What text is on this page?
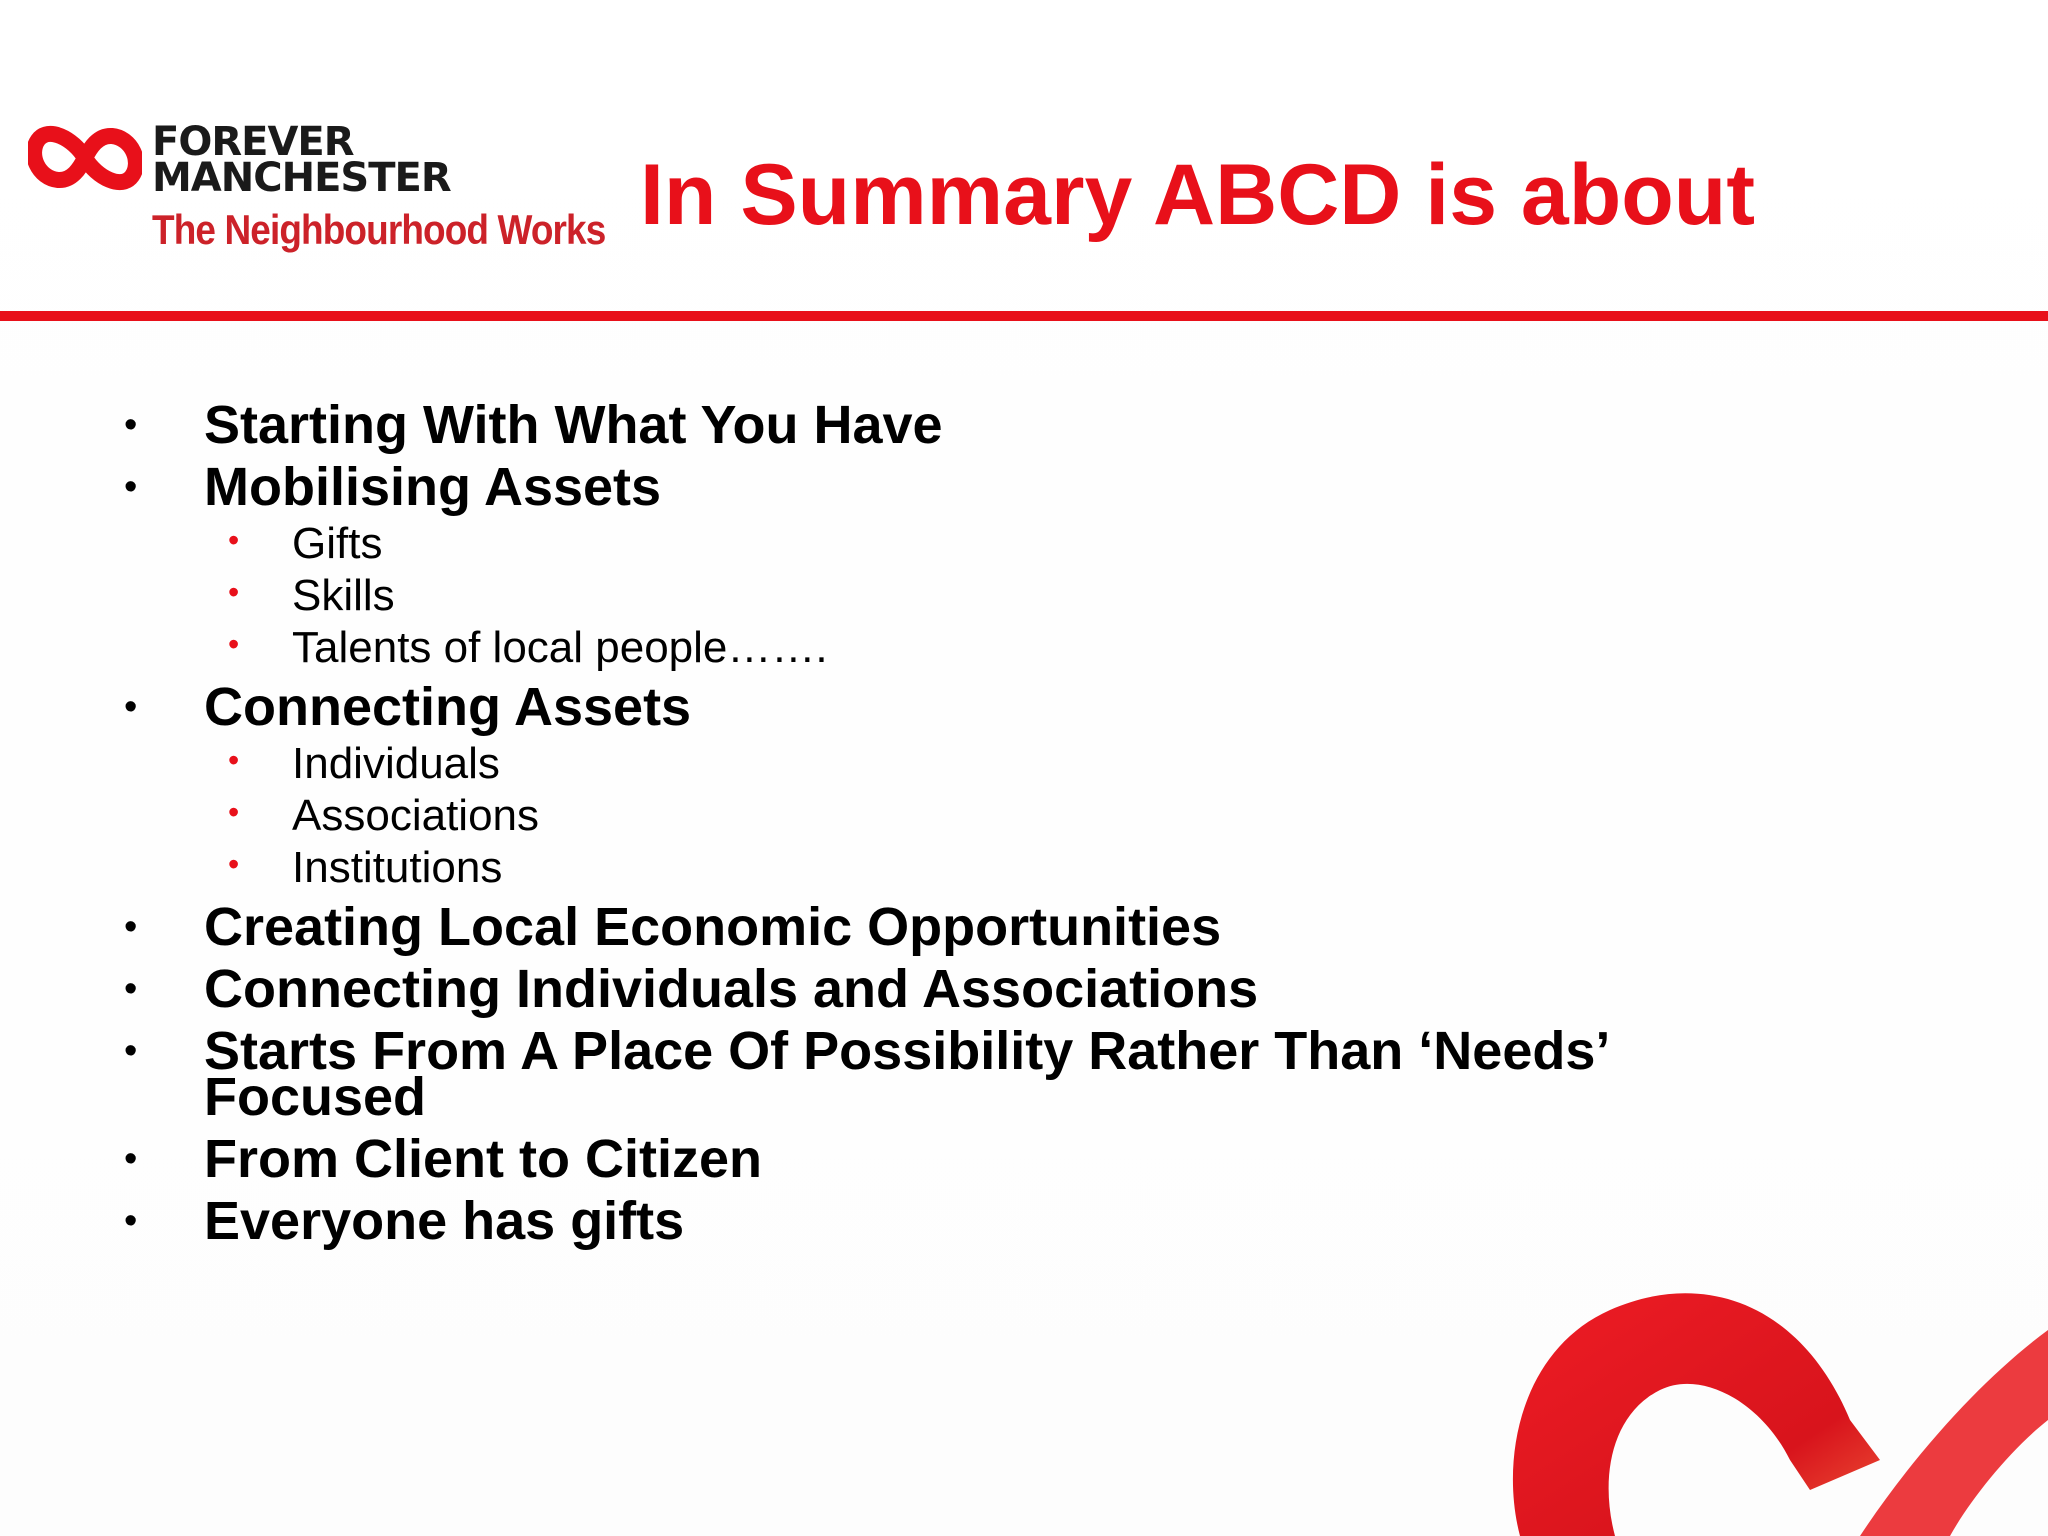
FOREVER
MANCHESTER
The Neighbourhood Works In Summary ABCD is about
• Starting With What You Have
• Mobilising Assets
• Gifts
• Skills
• Talents of local people…….
• Connecting Assets
• Individuals
• Associations
• Institutions
• Creating Local Economic Opportunities
• Connecting Individuals and Associations
• Starts From A Place Of Possibility Rather Than ‘Needs’
Focused
• From Client to Citizen
• Everyone has gifts
